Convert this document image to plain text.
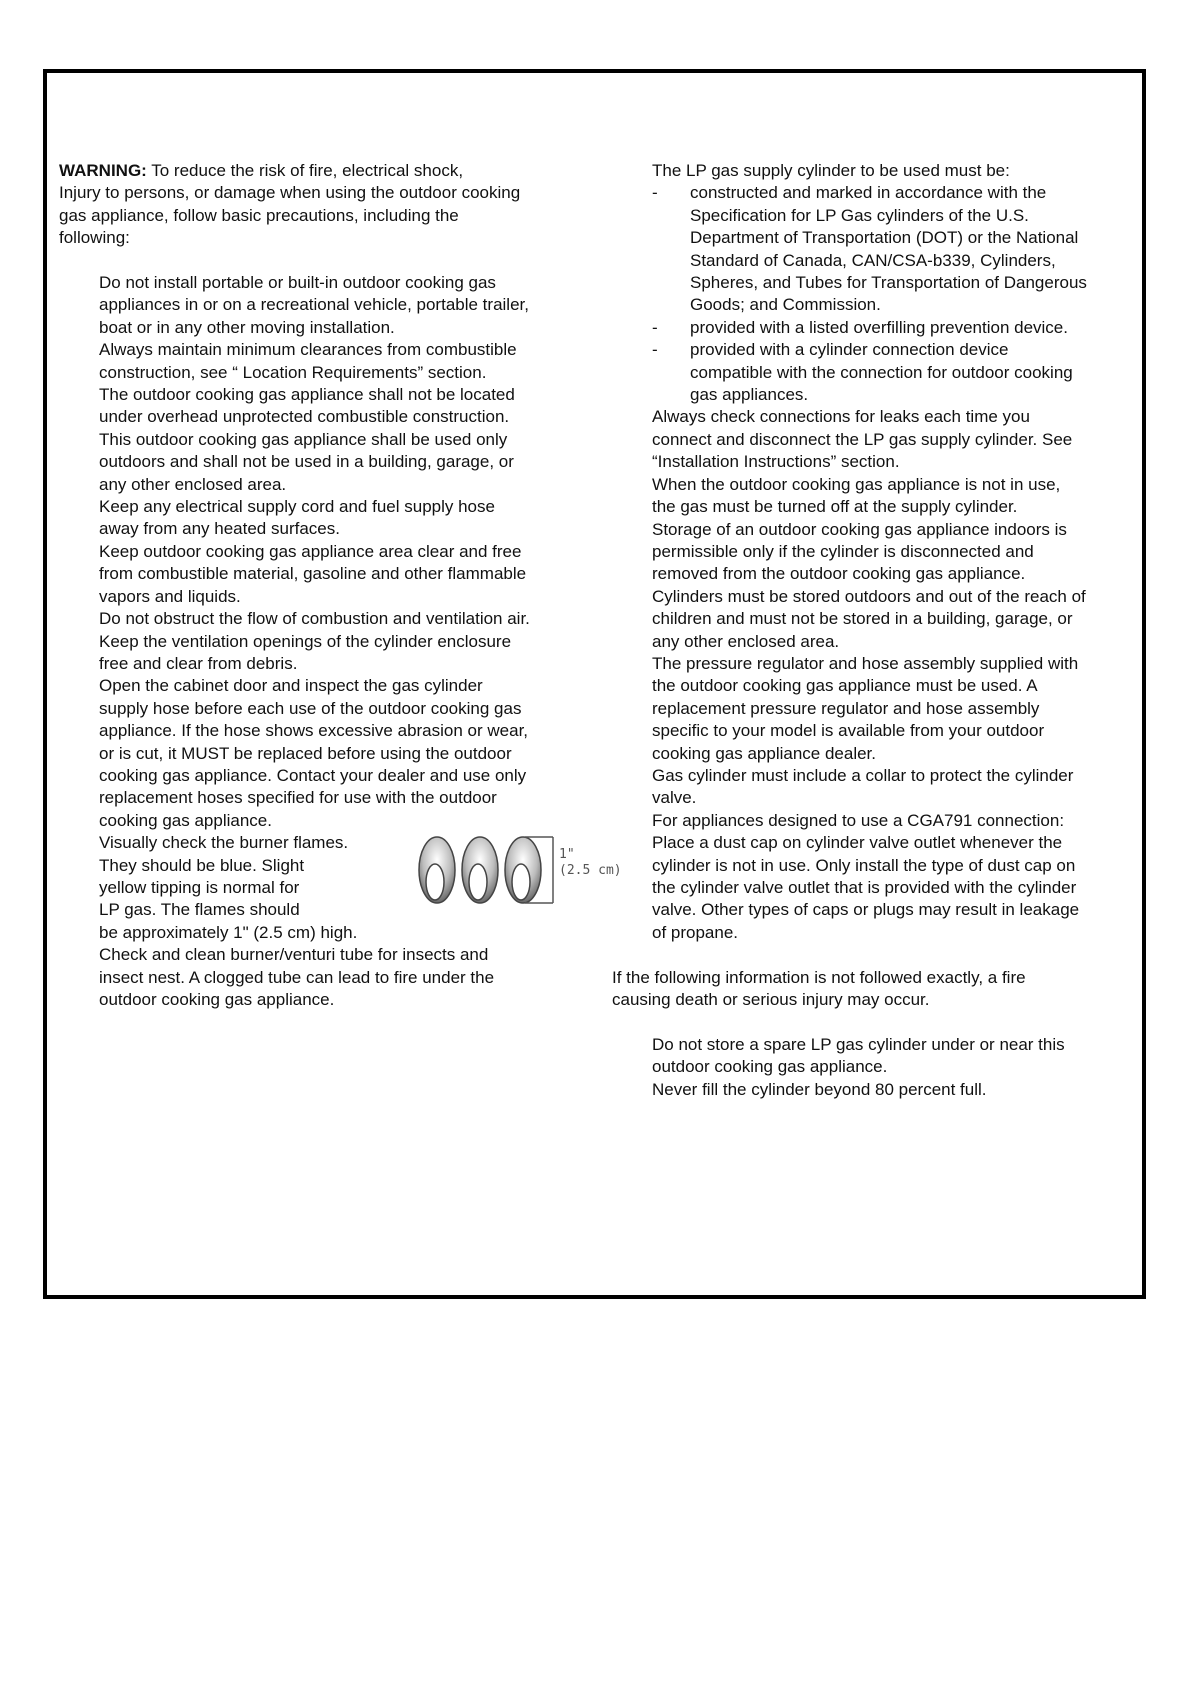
WARNING: To reduce the risk of fire, electrical shock,

Injury to persons, or damage when using the outdoor cooking

gas appliance, follow basic precautions, including the

following:

Do not install portable or built-in outdoor cooking gas

appliances in or on a recreational vehicle, portable trailer,

boat or in any other moving installation.

Always maintain minimum clearances from combustible

construction, see “ Location Requirements” section.

The outdoor cooking gas appliance shall not be located

under overhead unprotected combustible construction.

This outdoor cooking gas appliance shall be used only

outdoors and shall not be used in a building, garage, or

any other enclosed area.

Keep any electrical supply cord and fuel supply hose

away from any heated surfaces.

Keep outdoor cooking gas appliance area clear and free

from combustible material, gasoline and other flammable

vapors and liquids.

Do not obstruct the flow of combustion and ventilation air.

Keep the ventilation openings of the cylinder enclosure

free and clear from debris.

Open the cabinet door and inspect the gas cylinder

supply hose before each use of the outdoor cooking gas

appliance. If the hose shows excessive abrasion or wear,

or is cut, it MUST be replaced before using the outdoor

cooking gas appliance. Contact your dealer and use only

replacement hoses specified for use with the outdoor

cooking gas appliance.

Visually check the burner flames.

They should be blue. Slight

yellow tipping is normal for

LP gas. The flames should

be approximately 1" (2.5 cm) high.

1"
(2.5 cm)

Check and clean burner/venturi tube for insects and

insect nest. A clogged tube can lead to fire under the

outdoor cooking gas appliance.

The LP gas supply cylinder to be used must be:

-	constructed and marked in accordance with the

Specification for LP Gas cylinders of the U.S.

Department of Transportation (DOT) or the National

Standard of Canada, CAN/CSA-b339, Cylinders,

Spheres, and Tubes for Transportation of Dangerous

Goods; and Commission.

-	provided with a listed overfilling prevention device.

-	provided with a cylinder connection device

compatible with the connection for outdoor cooking

gas appliances.

Always check connections for leaks each time you

connect and disconnect the LP gas supply cylinder. See

“Installation Instructions” section.

When the outdoor cooking gas appliance is not in use,

the gas must be turned off at the supply cylinder.

Storage of an outdoor cooking gas appliance indoors is

permissible only if the cylinder is disconnected and

removed from the outdoor cooking gas appliance.

Cylinders must be stored outdoors and out of the reach of

children and must not be stored in a building, garage, or

any other enclosed area.

The pressure regulator and hose assembly supplied with

the outdoor cooking gas appliance must be used. A

replacement pressure regulator and hose assembly

specific to your model is available from your outdoor

cooking gas appliance dealer.

Gas cylinder must include a collar to protect the cylinder

valve.

For appliances designed to use a CGA791 connection:

Place a dust cap on cylinder valve outlet whenever the

cylinder is not in use. Only install the type of dust cap on

the cylinder valve outlet that is provided with the cylinder

valve. Other types of caps or plugs may result in leakage

of propane.

If the following information is not followed exactly, a fire

causing death or serious injury may occur.

Do not store a spare LP gas cylinder under or near this

outdoor cooking gas appliance.

Never fill the cylinder beyond 80 percent full.
